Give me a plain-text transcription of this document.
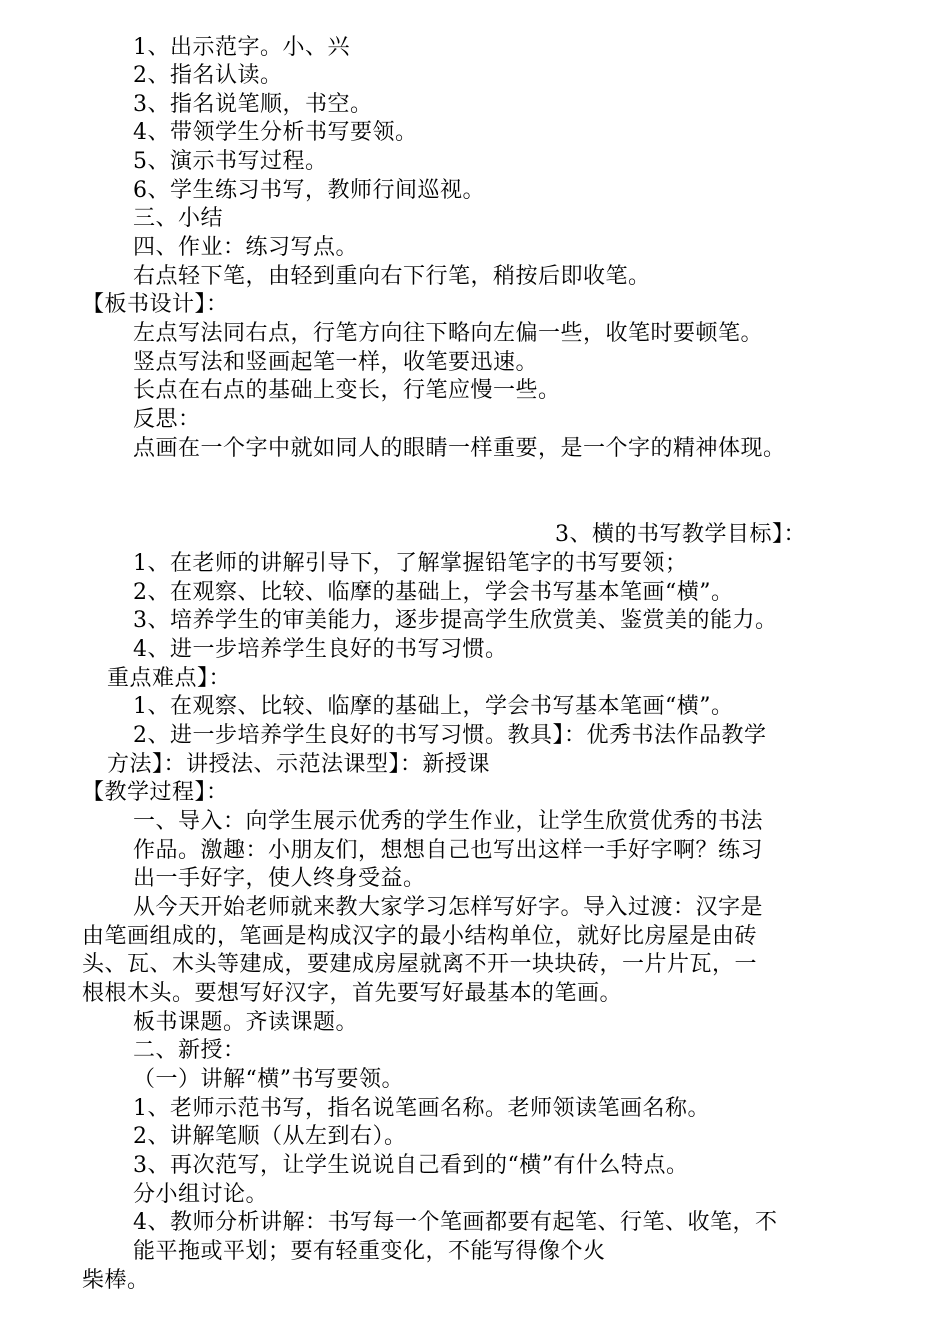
1、出示范字。小、兴
2、指名认读。
3、指名说笔顺，书空。
4、带领学生分析书写要领。
5、演示书写过程。
6、学生练习书写，教师行间巡视。
三、小结
四、作业：练习写点。
右点轻下笔，由轻到重向右下行笔，稍按后即收笔。
【板书设计】：
左点写法同右点，行笔方向往下略向左偏一些，收笔时要顿笔。
竖点写法和竖画起笔一样，收笔要迅速。
长点在右点的基础上变长，行笔应慢一些。
反思：
点画在一个字中就如同人的眼睛一样重要，是一个字的精神体现。
3、横的书写教学目标】：
1、在老师的讲解引导下，了解掌握铅笔字的书写要领；
2、在观察、比较、临摩的基础上，学会书写基本笔画“横”。
3、培养学生的审美能力，逐步提高学生欣赏美、鉴赏美的能力。
4、进一步培养学生良好的书写习惯。
重点难点】：
1、在观察、比较、临摩的基础上，学会书写基本笔画“横”。
2、进一步培养学生良好的书写习惯。教具】：优秀书法作品教学
方法】：讲授法、示范法课型】：新授课
【教学过程】：
一、导入：向学生展示优秀的学生作业，让学生欣赏优秀的书法
作品。激趣：小朋友们，想想自己也写出这样一手好字啊？练习
出一手好字，使人终身受益。
从今天开始老师就来教大家学习怎样写好字。导入过渡：汉字是
由笔画组成的，笔画是构成汉字的最小结构单位，就好比房屋是由砖
头、瓦、木头等建成，要建成房屋就离不开一块块砖，一片片瓦，一
根根木头。要想写好汉字，首先要写好最基本的笔画。
板书课题。齐读课题。
二、新授：
（一）讲解“横”书写要领。
1、老师示范书写，指名说笔画名称。老师领读笔画名称。
2、讲解笔顺（从左到右）。
3、再次范写，让学生说说自己看到的“横”有什么特点。
分小组讨论。
4、教师分析讲解：书写每一个笔画都要有起笔、行笔、收笔，不
能平拖或平划；要有轻重变化，不能写得像个火
柴棒。
